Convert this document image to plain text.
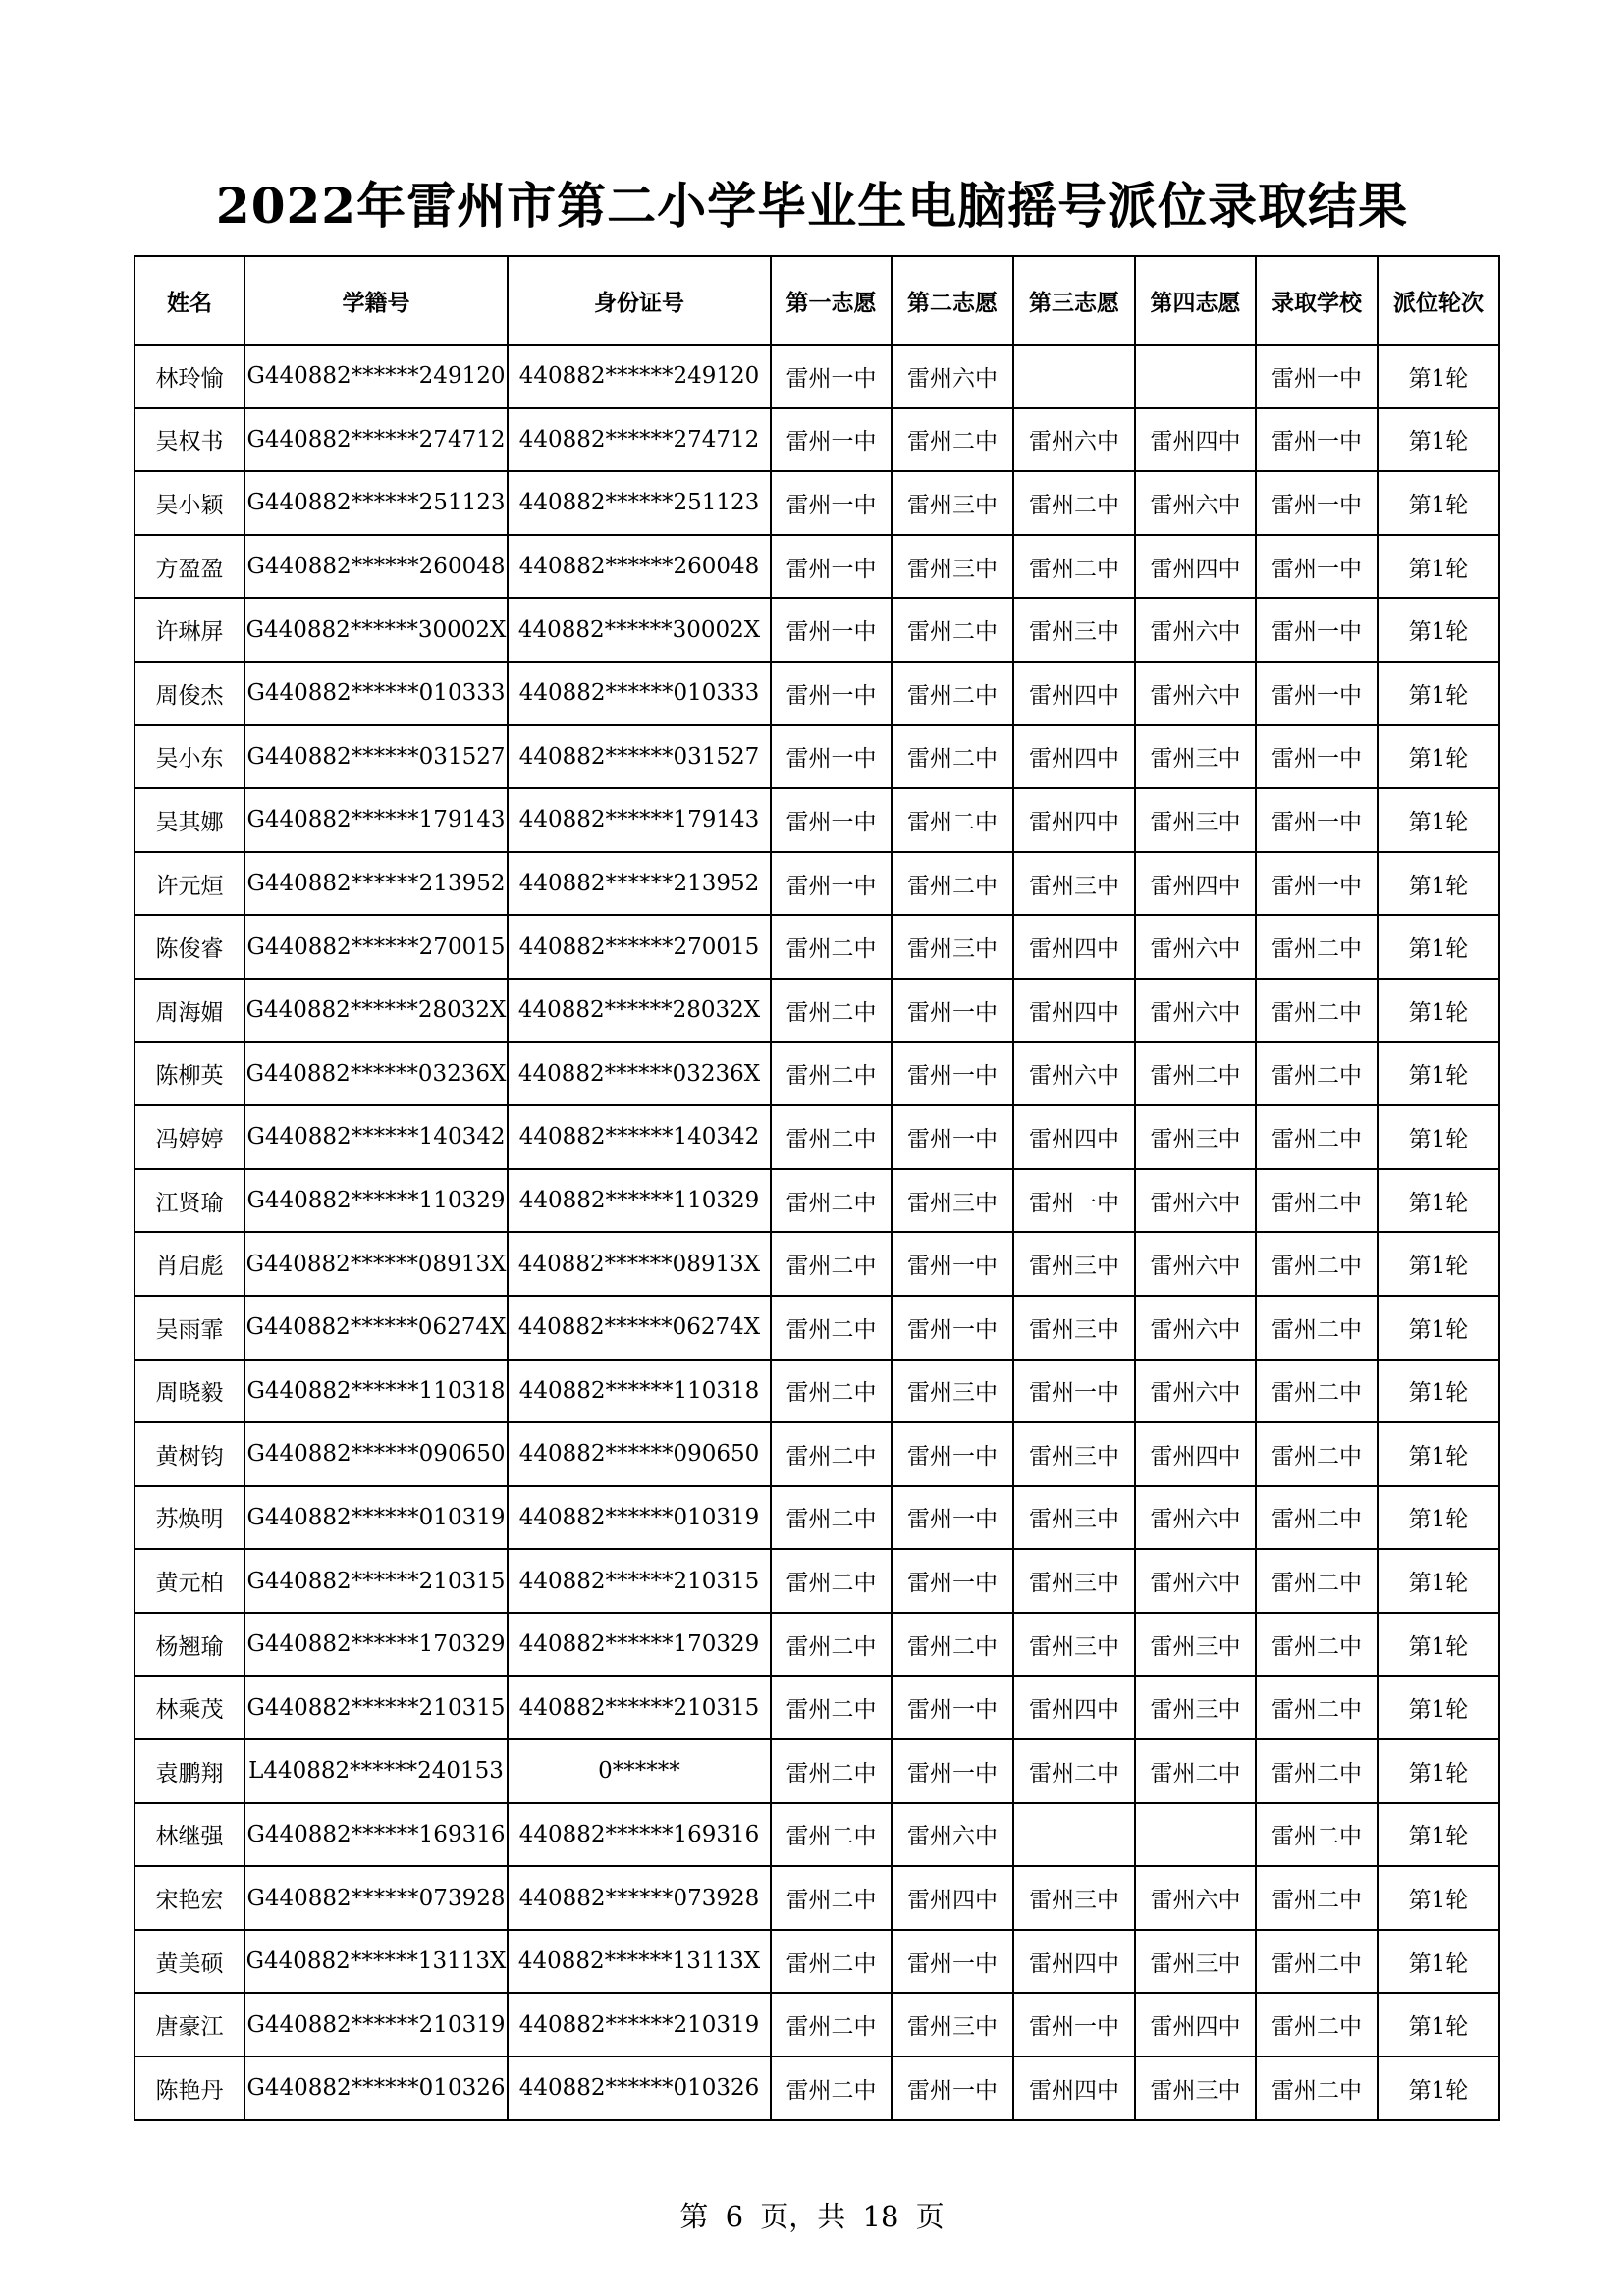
2022年雷州市第二小学毕业生电脑摇号派位录取结果
姓名	学籍号	身份证号	第一志愿	第二志愿	第三志愿	第四志愿	录取学校	派位轮次
林玲愉	G440882******249120	440882******249120	雷州一中	雷州六中			雷州一中	第1轮
吴权书	G440882******274712	440882******274712	雷州一中	雷州二中	雷州六中	雷州四中	雷州一中	第1轮
吴小颖	G440882******251123	440882******251123	雷州一中	雷州三中	雷州二中	雷州六中	雷州一中	第1轮
方盈盈	G440882******260048	440882******260048	雷州一中	雷州三中	雷州二中	雷州四中	雷州一中	第1轮
许琳屏	G440882******30002X	440882******30002X	雷州一中	雷州二中	雷州三中	雷州六中	雷州一中	第1轮
周俊杰	G440882******010333	440882******010333	雷州一中	雷州二中	雷州四中	雷州六中	雷州一中	第1轮
吴小东	G440882******031527	440882******031527	雷州一中	雷州二中	雷州四中	雷州三中	雷州一中	第1轮
吴其娜	G440882******179143	440882******179143	雷州一中	雷州二中	雷州四中	雷州三中	雷州一中	第1轮
许元烜	G440882******213952	440882******213952	雷州一中	雷州二中	雷州三中	雷州四中	雷州一中	第1轮
陈俊睿	G440882******270015	440882******270015	雷州二中	雷州三中	雷州四中	雷州六中	雷州二中	第1轮
周海媚	G440882******28032X	440882******28032X	雷州二中	雷州一中	雷州四中	雷州六中	雷州二中	第1轮
陈柳英	G440882******03236X	440882******03236X	雷州二中	雷州一中	雷州六中	雷州二中	雷州二中	第1轮
冯婷婷	G440882******140342	440882******140342	雷州二中	雷州一中	雷州四中	雷州三中	雷州二中	第1轮
江贤瑜	G440882******110329	440882******110329	雷州二中	雷州三中	雷州一中	雷州六中	雷州二中	第1轮
肖启彪	G440882******08913X	440882******08913X	雷州二中	雷州一中	雷州三中	雷州六中	雷州二中	第1轮
吴雨霏	G440882******06274X	440882******06274X	雷州二中	雷州一中	雷州三中	雷州六中	雷州二中	第1轮
周晓毅	G440882******110318	440882******110318	雷州二中	雷州三中	雷州一中	雷州六中	雷州二中	第1轮
黄树钧	G440882******090650	440882******090650	雷州二中	雷州一中	雷州三中	雷州四中	雷州二中	第1轮
苏焕明	G440882******010319	440882******010319	雷州二中	雷州一中	雷州三中	雷州六中	雷州二中	第1轮
黄元柏	G440882******210315	440882******210315	雷州二中	雷州一中	雷州三中	雷州六中	雷州二中	第1轮
杨翘瑜	G440882******170329	440882******170329	雷州二中	雷州二中	雷州三中	雷州三中	雷州二中	第1轮
林乘茂	G440882******210315	440882******210315	雷州二中	雷州一中	雷州四中	雷州三中	雷州二中	第1轮
袁鹏翔	L440882******240153	0******	雷州二中	雷州一中	雷州二中	雷州二中	雷州二中	第1轮
林继强	G440882******169316	440882******169316	雷州二中	雷州六中			雷州二中	第1轮
宋艳宏	G440882******073928	440882******073928	雷州二中	雷州四中	雷州三中	雷州六中	雷州二中	第1轮
黄美硕	G440882******13113X	440882******13113X	雷州二中	雷州一中	雷州四中	雷州三中	雷州二中	第1轮
唐豪江	G440882******210319	440882******210319	雷州二中	雷州三中	雷州一中	雷州四中	雷州二中	第1轮
陈艳丹	G440882******010326	440882******010326	雷州二中	雷州一中	雷州四中	雷州三中	雷州二中	第1轮
第 6 页，共 18 页
